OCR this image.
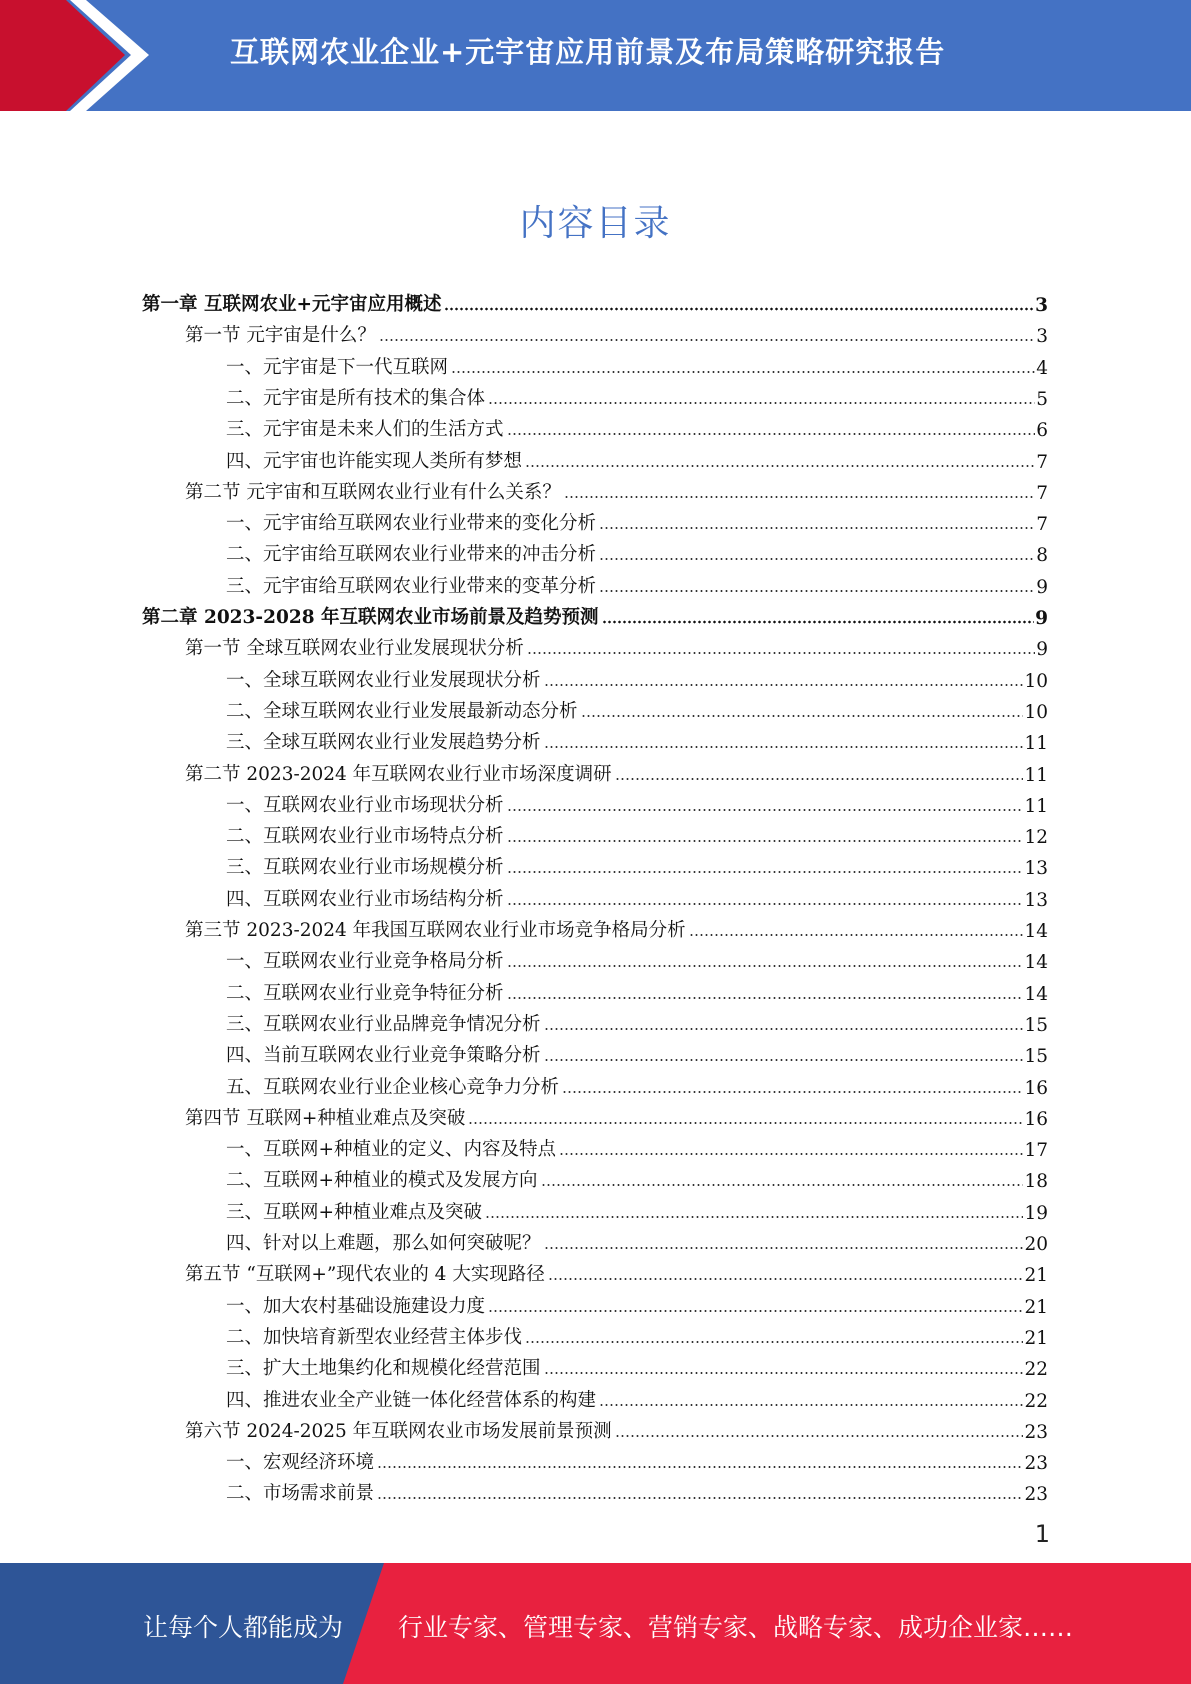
互联网农业企业+元宇宙应用前景及布局策略研究报告
内容目录
第一章 互联网农业+元宇宙应用概述	3
第一节 元宇宙是什么？	3
一、元宇宙是下一代互联网	4
二、元宇宙是所有技术的集合体	5
三、元宇宙是未来人们的生活方式	6
四、元宇宙也许能实现人类所有梦想	7
第二节 元宇宙和互联网农业行业有什么关系？	7
一、元宇宙给互联网农业行业带来的变化分析	7
二、元宇宙给互联网农业行业带来的冲击分析	8
三、元宇宙给互联网农业行业带来的变革分析	9
第二章 2023-2028 年互联网农业市场前景及趋势预测	9
第一节 全球互联网农业行业发展现状分析	9
一、全球互联网农业行业发展现状分析	10
二、全球互联网农业行业发展最新动态分析	10
三、全球互联网农业行业发展趋势分析	11
第二节 2023-2024 年互联网农业行业市场深度调研	11
一、互联网农业行业市场现状分析	11
二、互联网农业行业市场特点分析	12
三、互联网农业行业市场规模分析	13
四、互联网农业行业市场结构分析	13
第三节 2023-2024 年我国互联网农业行业市场竞争格局分析	14
一、互联网农业行业竞争格局分析	14
二、互联网农业行业竞争特征分析	14
三、互联网农业行业品牌竞争情况分析	15
四、当前互联网农业行业竞争策略分析	15
五、互联网农业行业企业核心竞争力分析	16
第四节 互联网+种植业难点及突破	16
一、互联网+种植业的定义、内容及特点	17
二、互联网+种植业的模式及发展方向	18
三、互联网+种植业难点及突破	19
四、针对以上难题，那么如何突破呢？	20
第五节 “互联网+”现代农业的 4 大实现路径	21
一、加大农村基础设施建设力度	21
二、加快培育新型农业经营主体步伐	21
三、扩大土地集约化和规模化经营范围	22
四、推进农业全产业链一体化经营体系的构建	22
第六节 2024-2025 年互联网农业市场发展前景预测	23
一、宏观经济环境	23
二、市场需求前景	23
1
让每个人都能成为 行业专家、管理专家、营销专家、战略专家、成功企业家……
